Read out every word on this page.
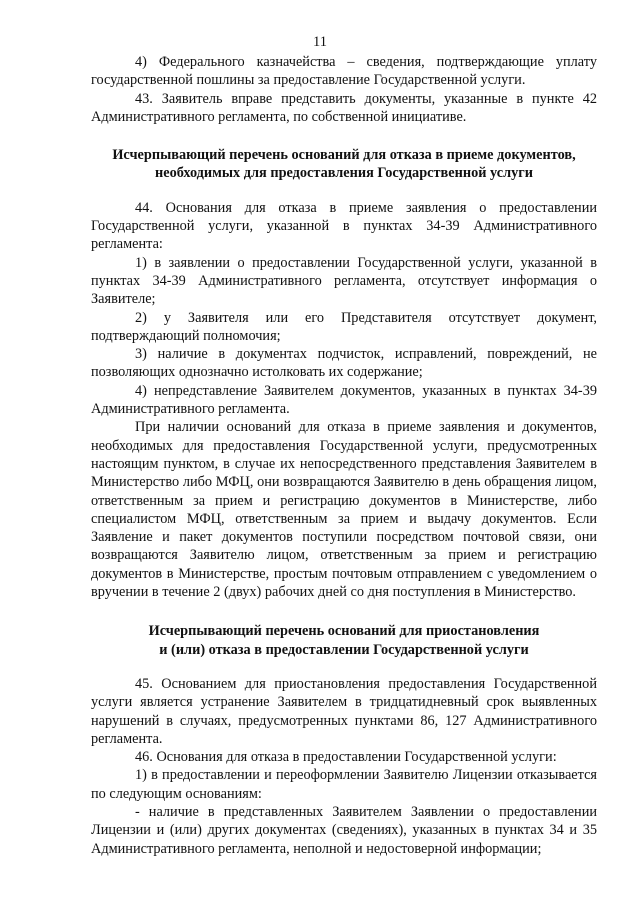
11

4) Федерального казначейства – сведения, подтверждающие уплату государственной пошлины за предоставление Государственной услуги.

43. Заявитель вправе представить документы, указанные в пункте 42 Административного регламента, по собственной инициативе.

Исчерпывающий перечень оснований для отказа в приеме документов,
необходимых для предоставления Государственной услуги

44. Основания для отказа в приеме заявления о предоставлении Государственной услуги, указанной в пунктах 34-39 Административного регламента:

1) в заявлении о предоставлении Государственной услуги, указанной в пунктах 34-39 Административного регламента, отсутствует информация о Заявителе;

2) у Заявителя или его Представителя отсутствует документ, подтверждающий полномочия;

3) наличие в документах подчисток, исправлений, повреждений, не позволяющих однозначно истолковать их содержание;

4) непредставление Заявителем документов, указанных в пунктах 34-39 Административного регламента.

При наличии оснований для отказа в приеме заявления и документов, необходимых для предоставления Государственной услуги, предусмотренных настоящим пунктом, в случае их непосредственного представления Заявителем в Министерство либо МФЦ, они возвращаются Заявителю в день обращения лицом, ответственным за прием и регистрацию документов в Министерстве, либо специалистом МФЦ, ответственным за прием и выдачу документов. Если Заявление и пакет документов поступили посредством почтовой связи, они возвращаются Заявителю лицом, ответственным за прием и регистрацию документов в Министерстве, простым почтовым отправлением с уведомлением о вручении в течение 2 (двух) рабочих дней со дня поступления в Министерство.

Исчерпывающий перечень оснований для приостановления
и (или) отказа в предоставлении Государственной услуги

45. Основанием для приостановления предоставления Государственной услуги является устранение Заявителем в тридцатидневный срок выявленных нарушений в случаях, предусмотренных пунктами 86, 127 Административного регламента.

46. Основания для отказа в предоставлении Государственной услуги:

1) в предоставлении и переоформлении Заявителю Лицензии отказывается по следующим основаниям:

- наличие в представленных Заявителем Заявлении о предоставлении Лицензии и (или) других документах (сведениях), указанных в пунктах 34 и 35 Административного регламента, неполной и недостоверной информации;
